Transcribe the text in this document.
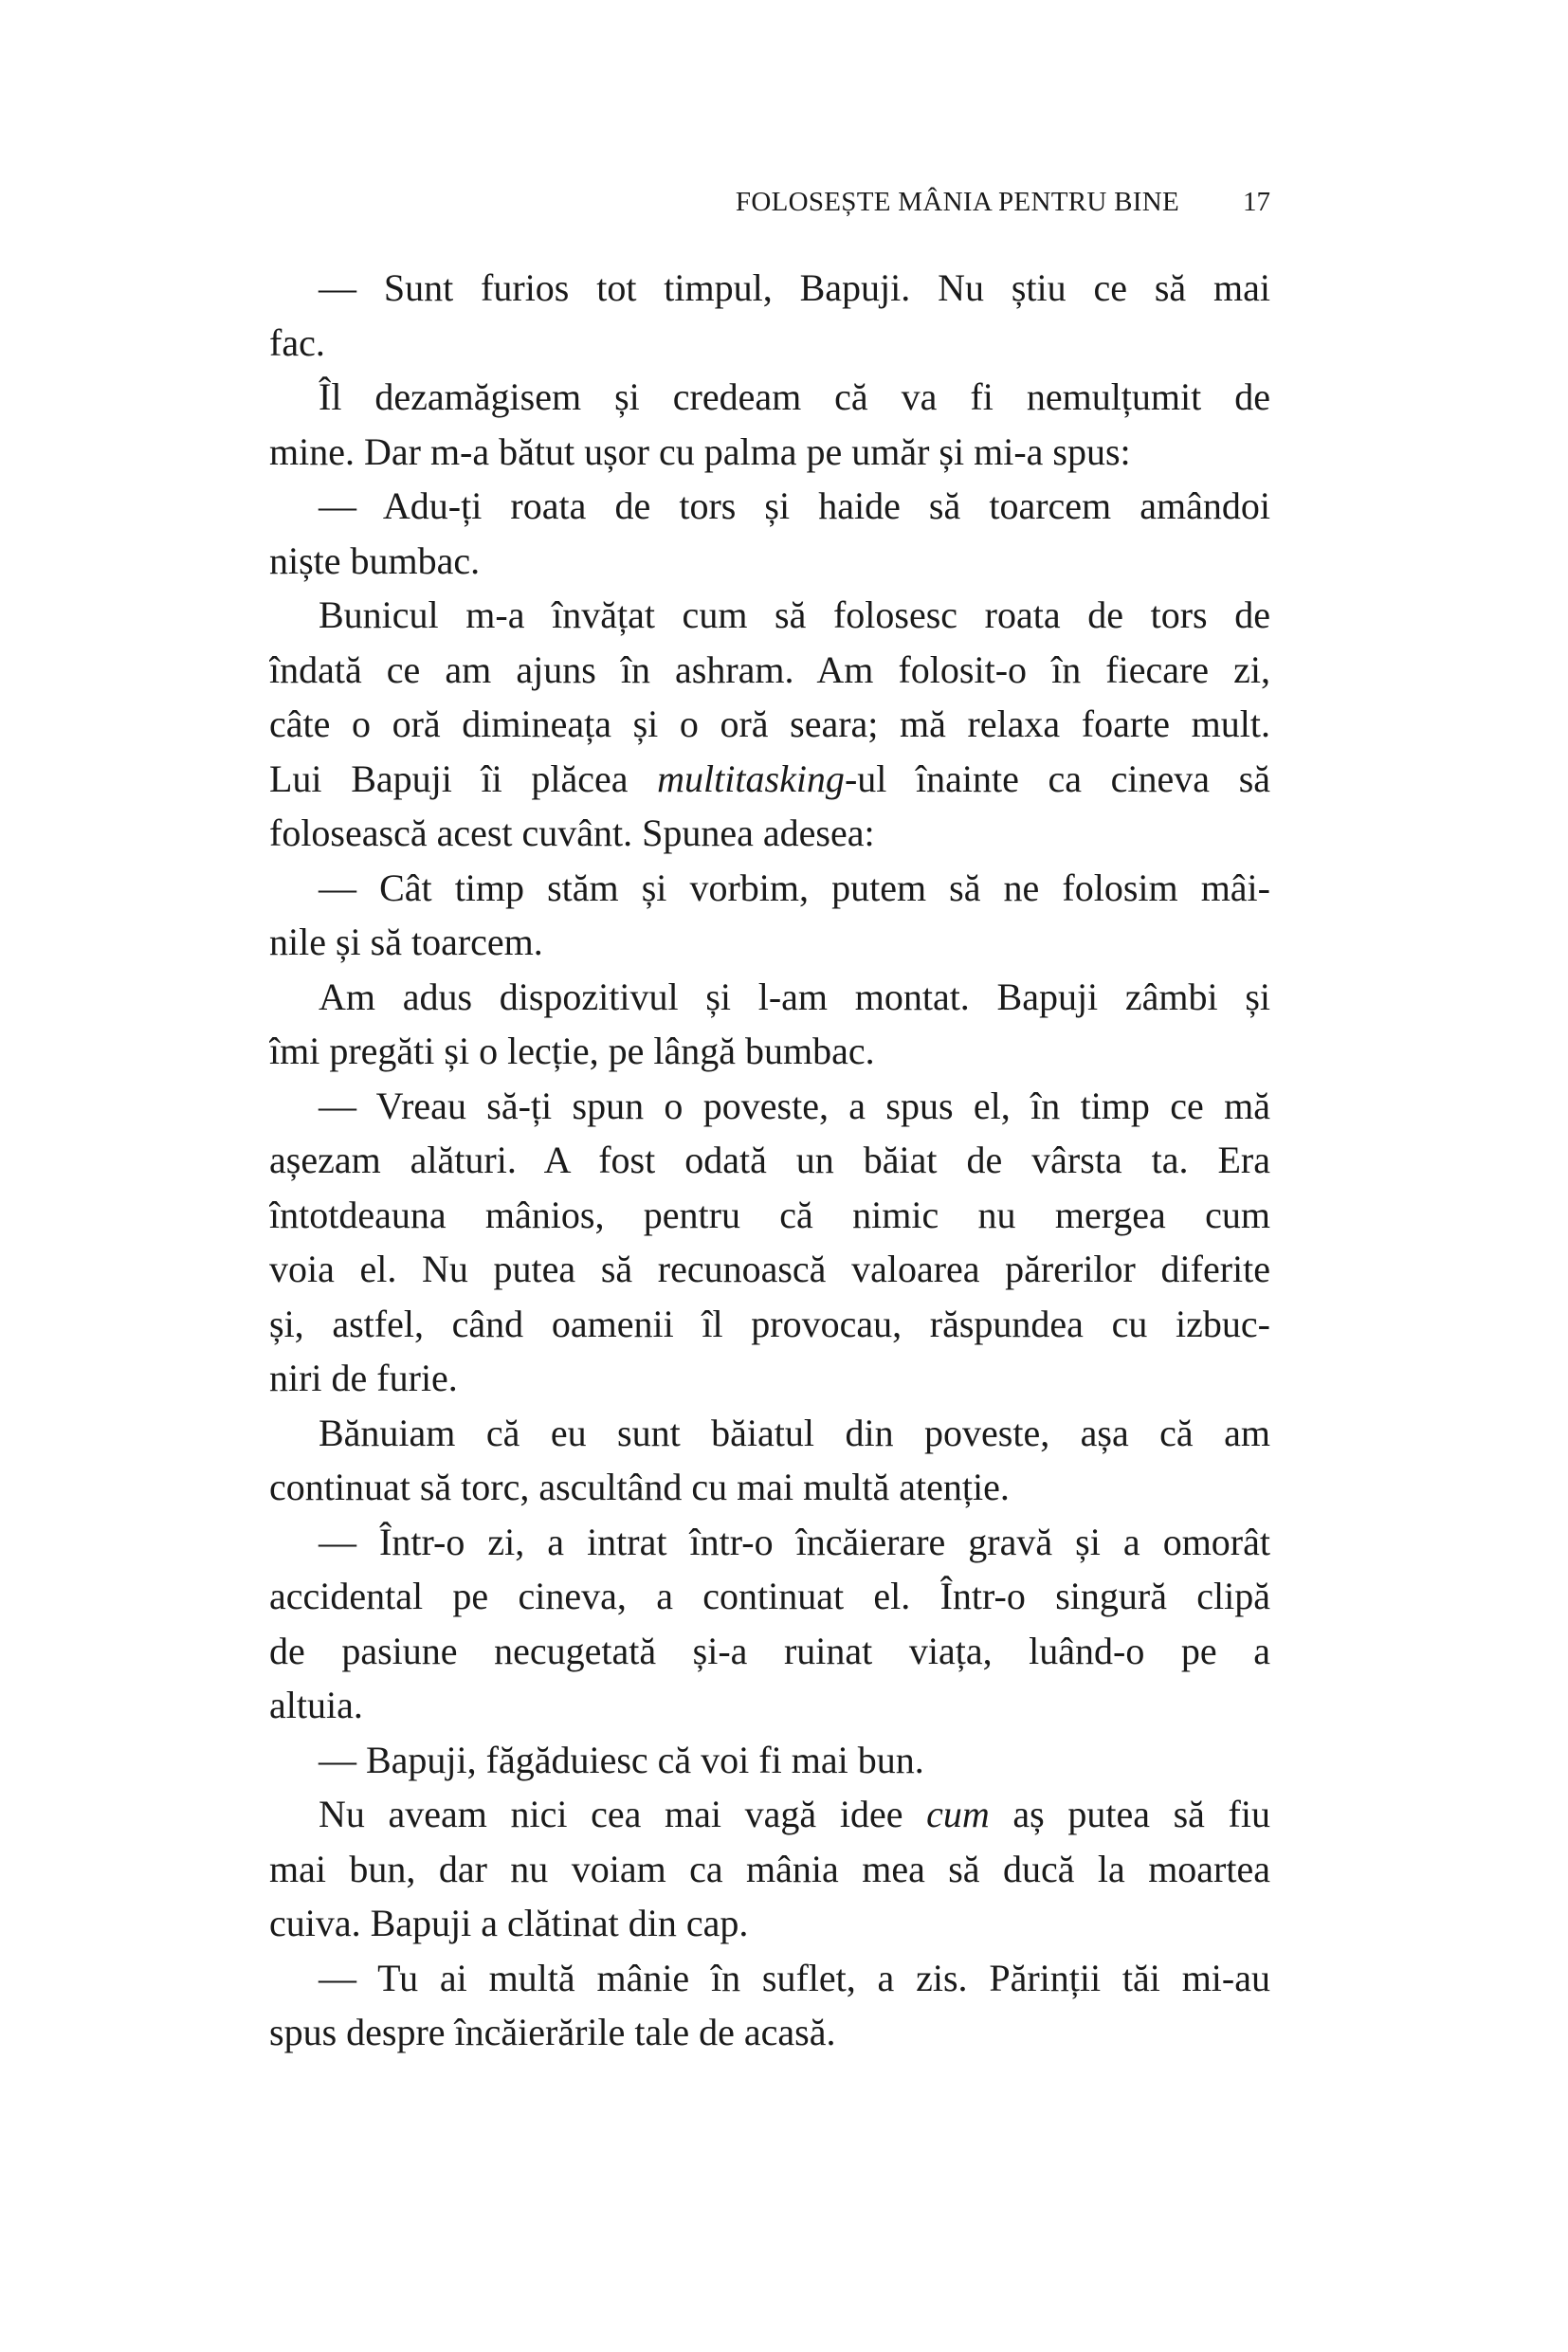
FOLOSEȘTE MÂNIA PENTRU BINE 17
— Sunt furios tot timpul, Bapuji. Nu știu ce să mai
fac.
Îl dezamăgisem și credeam că va fi nemulțumit de
mine. Dar m-a bătut ușor cu palma pe umăr și mi-a spus:
— Adu-ți roata de tors și haide să toarcem amândoi
niște bumbac.
Bunicul m-a învățat cum să folosesc roata de tors de
îndată ce am ajuns în ashram. Am folosit-o în fiecare zi,
câte o oră dimineața și o oră seara; mă relaxa foarte mult.
Lui Bapuji îi plăcea multitasking-ul înainte ca cineva să
folosească acest cuvânt. Spunea adesea:
— Cât timp stăm și vorbim, putem să ne folosim mâi-
nile și să toarcem.
Am adus dispozitivul și l-am montat. Bapuji zâmbi și
îmi pregăti și o lecție, pe lângă bumbac.
— Vreau să-ți spun o poveste, a spus el, în timp ce mă
așezam alături. A fost odată un băiat de vârsta ta. Era
întotdeauna mânios, pentru că nimic nu mergea cum
voia el. Nu putea să recunoască valoarea părerilor diferite
și, astfel, când oamenii îl provocau, răspundea cu izbuc-
niri de furie.
Bănuiam că eu sunt băiatul din poveste, așa că am
continuat să torc, ascultând cu mai multă atenție.
— Într-o zi, a intrat într-o încăierare gravă și a omorât
accidental pe cineva, a continuat el. Într-o singură clipă
de pasiune necugetată și-a ruinat viața, luând-o pe a
altuia.
— Bapuji, făgăduiesc că voi fi mai bun.
Nu aveam nici cea mai vagă idee cum aș putea să fiu
mai bun, dar nu voiam ca mânia mea să ducă la moartea
cuiva. Bapuji a clătinat din cap.
— Tu ai multă mânie în suflet, a zis. Părinții tăi mi-au
spus despre încăierările tale de acasă.
